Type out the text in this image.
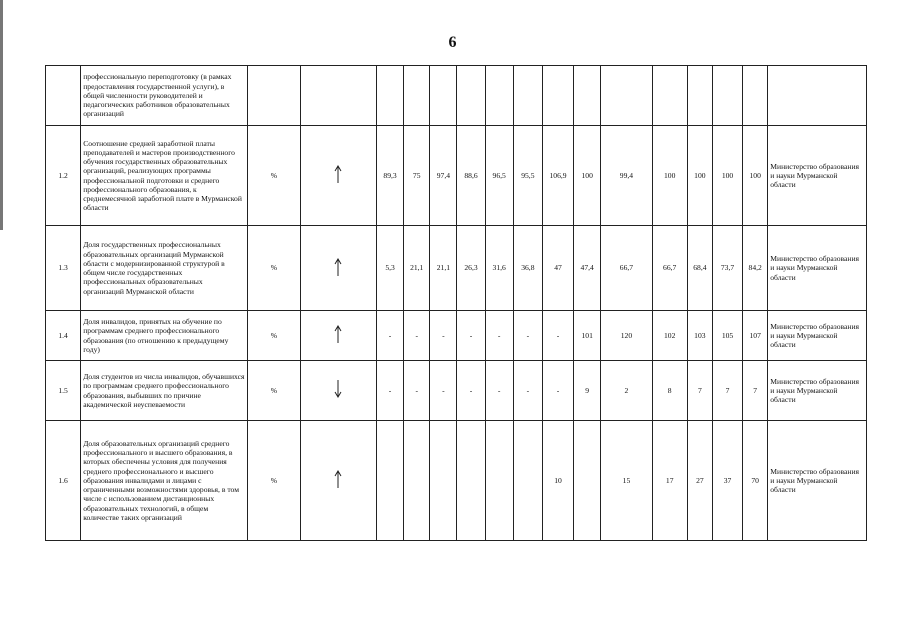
6
	профессиональную переподготовку (в рамках предоставления государственной услуги), в общей численности руководителей и педагогических работников образовательных организаций																
1.2	Соотношение средней заработной платы преподавателей и мастеров производственного обучения государственных образовательных организаций, реализующих программы профессиональной подготовки и среднего профессионального образования, к среднемесячной заработной плате в Мурманской области	%		89,3	75	97,4	88,6	96,5	95,5	106,9	100	99,4	100	100	100	100	Министерство образования и науки Мурманской области
1.3	Доля государственных профессиональных образовательных организаций Мурманской области с модернизированной структурой в общем числе государственных профессиональных образовательных организаций Мурманской области	%		5,3	21,1	21,1	26,3	31,6	36,8	47	47,4	66,7	66,7	68,4	73,7	84,2	Министерство образования и науки Мурманской области
1.4	Доля инвалидов, принятых на обучение по программам среднего профессионального образования (по отношению к предыдущему году)	%		-	-	-	-	-	-	-	101	120	102	103	105	107	Министерство образования и науки Мурманской области
1.5	Доля студентов из числа инвалидов, обучавшихся по программам среднего профессионального образования, выбывших по причине академической неуспеваемости	%		-	-	-	-	-	-	-	9	2	8	7	7	7	Министерство образования и науки Мурманской области
1.6	Доля образовательных организаций среднего профессионального и высшего образования, в которых обеспечены условия для получения среднего профессионального и высшего образования инвалидами и лицами с ограниченными возможностями здоровья, в том числе с использованием дистанционных образовательных технологий, в общем количестве таких организаций	%								10		15	17	27	37	70	Министерство образования и науки Мурманской области
